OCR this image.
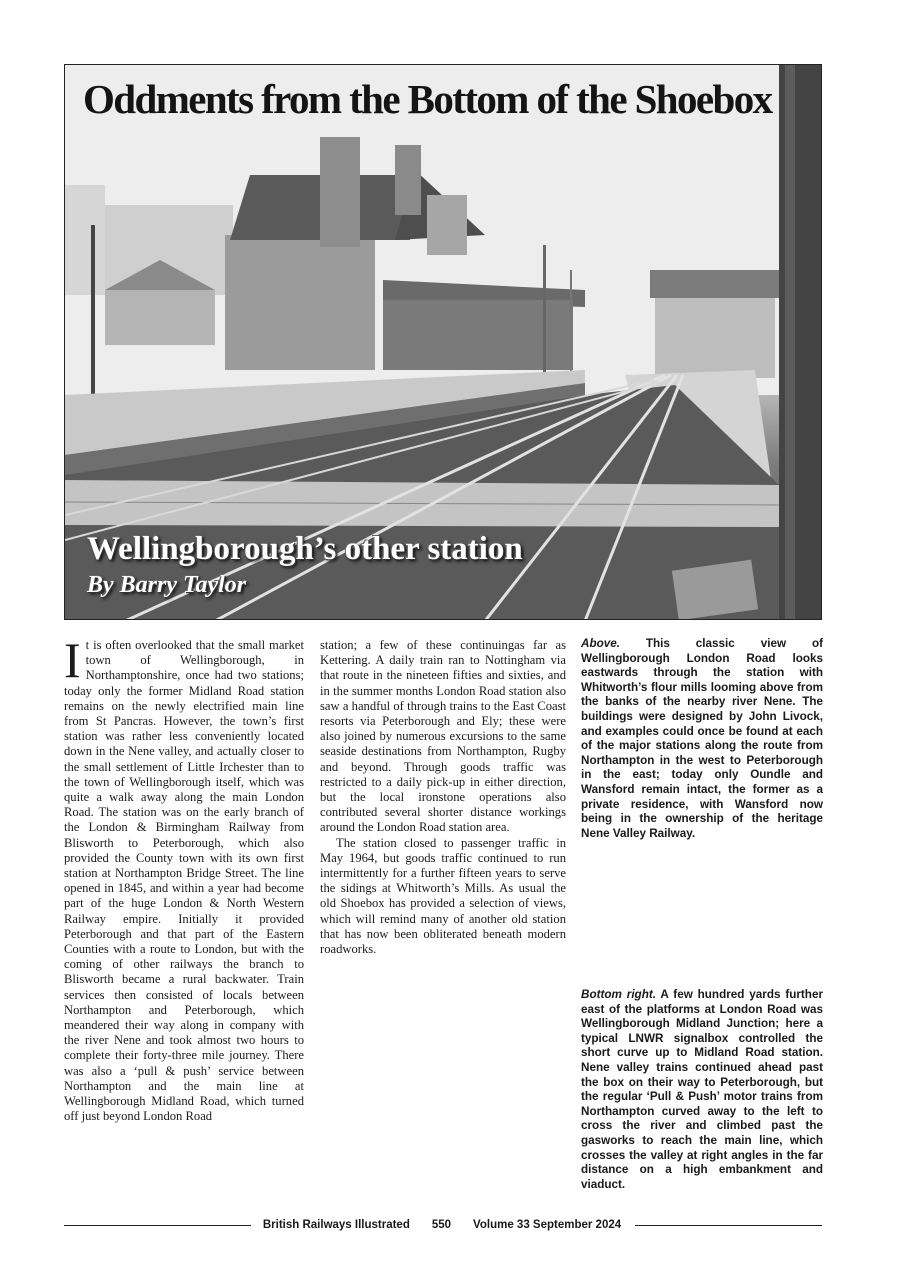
Oddments from the Bottom of the Shoebox
Wellingborough’s other station

By Barry Taylor

I t is often overlooked that the small market town of Wellingborough, in Northamptonshire, once had two stations; today only the former Midland Road station remains on the newly electrified main line from St Pancras. However, the town’s first station was rather less conveniently located down in the Nene valley, and actually closer to the small settlement of Little Irchester than to the town of Wellingborough itself, which was quite a walk away along the main London Road. The station was on the early branch of the London & Birmingham Railway from Blisworth to Peterborough, which also provided the County town with its own first station at Northampton Bridge Street. The line opened in 1845, and within a year had become part of the huge London & North Western Railway empire. Initially it provided Peterborough and that part of the Eastern Counties with a route to London, but with the coming of other railways the branch to Blisworth became a rural backwater. Train services then consisted of locals between Northampton and Peterborough, which meandered their way along in company with the river Nene and took almost two hours to complete their forty-three mile journey. There was also a ‘pull & push’ service between Northampton and the main line at Wellingborough Midland Road, which turned off just beyond London Road

station; a few of these continuingas far as Kettering. A daily train ran to Nottingham via that route in the nineteen fifties and sixties, and in the summer months London Road station also saw a handful of through trains to the East Coast resorts via Peterborough and Ely; these were also joined by numerous excursions to the same seaside destinations from Northampton, Rugby and beyond. Through goods traffic was restricted to a daily pick-up in either direction, but the local ironstone operations also contributed several shorter distance workings around the London Road station area.

The station closed to passenger traffic in May 1964, but goods traffic continued to run intermittently for a further fifteen years to serve the sidings at Whitworth’s Mills. As usual the old Shoebox has provided a selection of views, which will remind many of another old station that has now been obliterated beneath modern roadworks.

Above. This classic view of Wellingborough London Road looks eastwards through the station with Whitworth’s flour mills looming above from the banks of the nearby river Nene. The buildings were designed by John Livock, and examples could once be found at each of the major stations along the route from Northampton in the west to Peterborough in the east; today only Oundle and Wansford remain intact, the former as a private residence, with Wansford now being in the ownership of the heritage Nene Valley Railway.

Bottom right. A few hundred yards further east of the platforms at London Road was Wellingborough Midland Junction; here a typical LNWR signalbox controlled the short curve up to Midland Road station. Nene valley trains continued ahead past the box on their way to Peterborough, but the regular ‘Pull & Push’ motor trains from Northampton curved away to the left to cross the river and climbed past the gasworks to reach the main line, which crosses the valley at right angles in the far distance on a high embankment and viaduct.

British Railways Illustrated 550 Volume 33 September 2024
